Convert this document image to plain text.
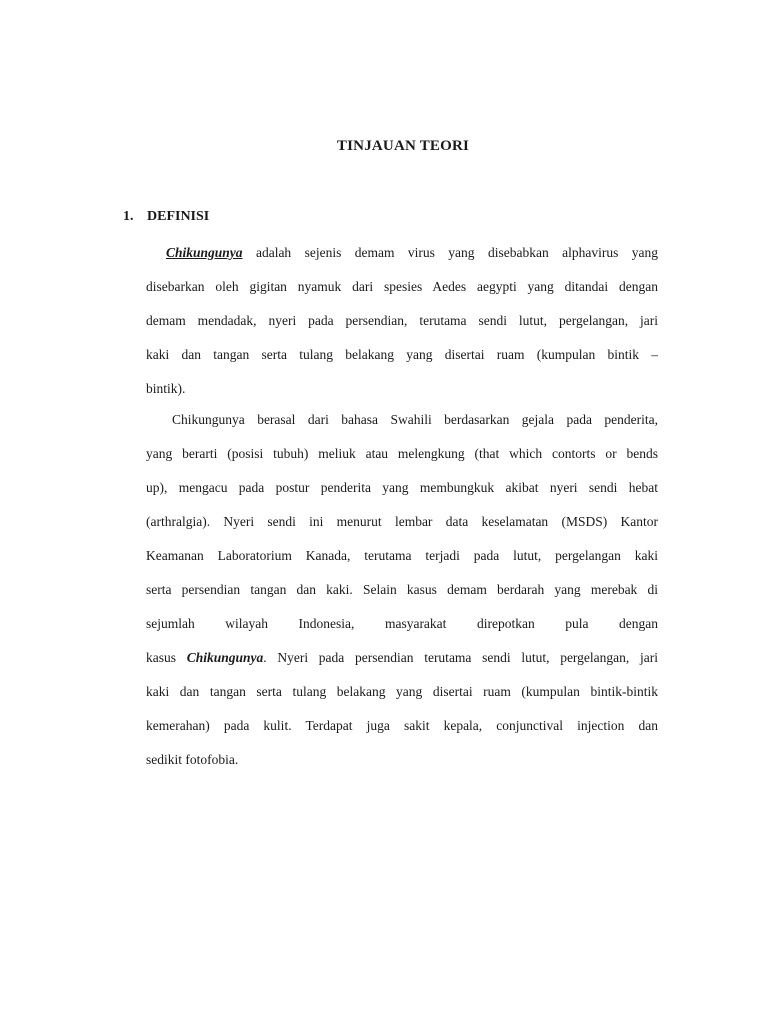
TINJAUAN TEORI
1. DEFINISI
Chikungunya adalah sejenis demam virus yang disebabkan alphavirus yang
disebarkan oleh gigitan nyamuk dari spesies Aedes aegypti yang ditandai dengan
demam mendadak, nyeri pada persendian, terutama sendi lutut, pergelangan, jari
kaki dan tangan serta tulang belakang yang disertai ruam (kumpulan bintik –
bintik).
Chikungunya berasal dari bahasa Swahili berdasarkan gejala pada penderita,
yang berarti (posisi tubuh) meliuk atau melengkung (that which contorts or bends
up), mengacu pada postur penderita yang membungkuk akibat nyeri sendi hebat
(arthralgia). Nyeri sendi ini menurut lembar data keselamatan (MSDS) Kantor
Keamanan Laboratorium Kanada, terutama terjadi pada lutut, pergelangan kaki
serta persendian tangan dan kaki. Selain kasus demam berdarah yang merebak di
sejumlah wilayah Indonesia, masyarakat direpotkan pula dengan
kasus Chikungunya. Nyeri pada persendian terutama sendi lutut, pergelangan, jari
kaki dan tangan serta tulang belakang yang disertai ruam (kumpulan bintik-bintik
kemerahan) pada kulit. Terdapat juga sakit kepala, conjunctival injection dan
sedikit fotofobia.
